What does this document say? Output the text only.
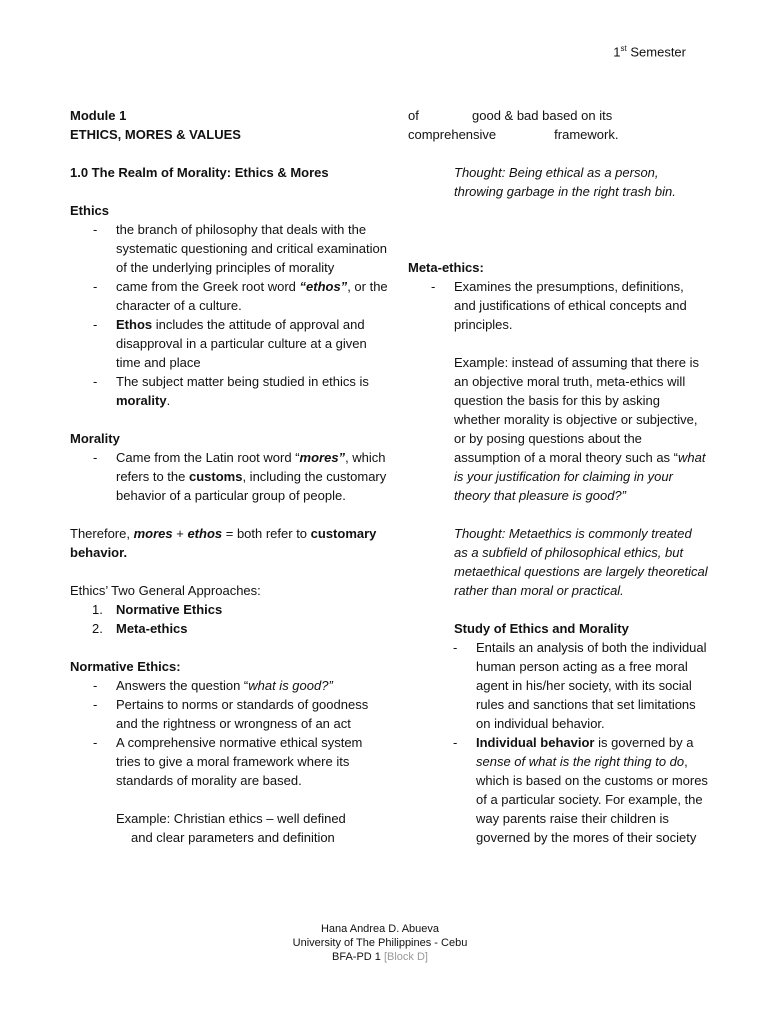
1st Semester

Module 1

ETHICS, MORES & VALUES

1.0 The Realm of Morality: Ethics & Mores

Ethics

- the branch of philosophy that deals with the systematic questioning and critical examination of the underlying principles of morality
- came from the Greek root word “ethos”, or the character of a culture.
- Ethos includes the attitude of approval and disapproval in a particular culture at a given time and place
- The subject matter being studied in ethics is morality.

Morality

- Came from the Latin root word “mores”, which refers to the customs, including the customary behavior of a particular group of people.

Therefore, mores + ethos = both refer to customary behavior.

Ethics’ Two General Approaches:

1. Normative Ethics
2. Meta-ethics

Normative Ethics:

- Answers the question “what is good?”
- Pertains to norms or standards of goodness and the rightness or wrongness of an act
- A comprehensive normative ethical system tries to give a moral framework where its standards of morality are based.

Example: Christian ethics – well defined
and clear parameters and definition

of	good & bad based on its

comprehensive	framework.

Thought: Being ethical as a person, throwing garbage in the right trash bin.

Meta-ethics:

- Examines the presumptions, definitions, and justifications of ethical concepts and principles.

Example: instead of assuming that there is an objective moral truth, meta-ethics will question the basis for this by asking whether morality is objective or subjective, or by posing questions about the assumption of a moral theory such as “what is your justification for claiming in your theory that pleasure is good?”

Thought: Metaethics is commonly treated as a subfield of philosophical ethics, but metaethical questions are largely theoretical rather than moral or practical.

Study of Ethics and Morality

- Entails an analysis of both the individual human person acting as a free moral agent in his/her society, with its social rules and sanctions that set limitations on individual behavior.
- Individual behavior is governed by a sense of what is the right thing to do, which is based on the customs or mores of a particular society. For example, the way parents raise their children is governed by the mores of their society
Hana Andrea D. Abueva
University of The Philippines - Cebu
BFA-PD 1 [Block D]
